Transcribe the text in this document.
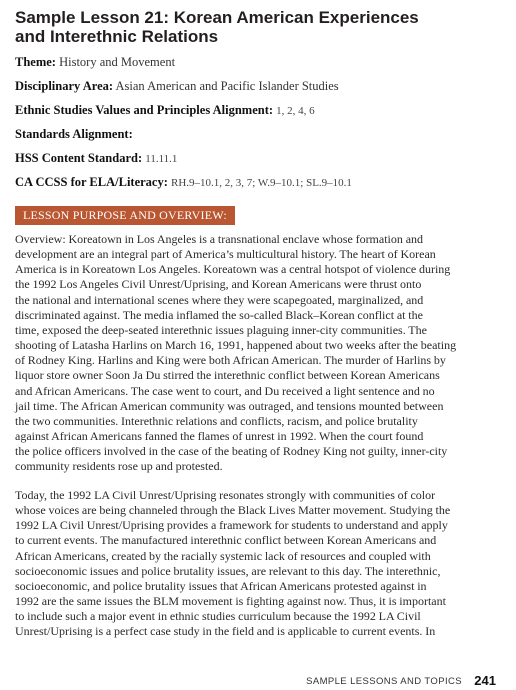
Sample Lesson 21: Korean American Experiences
and Interethnic Relations
Theme: History and Movement
Disciplinary Area: Asian American and Pacific Islander Studies
Ethnic Studies Values and Principles Alignment: 1, 2, 4, 6
Standards Alignment:
HSS Content Standard: 11.11.1
CA CCSS for ELA/Literacy: RH.9–10.1, 2, 3, 7; W.9–10.1; SL.9–10.1
LESSON PURPOSE AND OVERVIEW:
Overview: Koreatown in Los Angeles is a transnational enclave whose formation and
development are an integral part of America’s multicultural history. The heart of Korean
America is in Koreatown Los Angeles. Koreatown was a central hotspot of violence during
the 1992 Los Angeles Civil Unrest/Uprising, and Korean Americans were thrust onto
the national and international scenes where they were scapegoated, marginalized, and
discriminated against. The media inflamed the so-called Black–Korean conflict at the
time, exposed the deep-seated interethnic issues plaguing inner-city communities. The
shooting of Latasha Harlins on March 16, 1991, happened about two weeks after the beating
of Rodney King. Harlins and King were both African American. The murder of Harlins by
liquor store owner Soon Ja Du stirred the interethnic conflict between Korean Americans
and African Americans. The case went to court, and Du received a light sentence and no
jail time. The African American community was outraged, and tensions mounted between
the two communities. Interethnic relations and conflicts, racism, and police brutality
against African Americans fanned the flames of unrest in 1992. When the court found
the police officers involved in the case of the beating of Rodney King not guilty, inner-city
community residents rose up and protested.
Today, the 1992 LA Civil Unrest/Uprising resonates strongly with communities of color
whose voices are being channeled through the Black Lives Matter movement. Studying the
1992 LA Civil Unrest/Uprising provides a framework for students to understand and apply
to current events. The manufactured interethnic conflict between Korean Americans and
African Americans, created by the racially systemic lack of resources and coupled with
socioeconomic issues and police brutality issues, are relevant to this day. The interethnic,
socioeconomic, and police brutality issues that African Americans protested against in
1992 are the same issues the BLM movement is fighting against now. Thus, it is important
to include such a major event in ethnic studies curriculum because the 1992 LA Civil
Unrest/Uprising is a perfect case study in the field and is applicable to current events. In
SAMPLE LESSONS AND TOPICS 241
